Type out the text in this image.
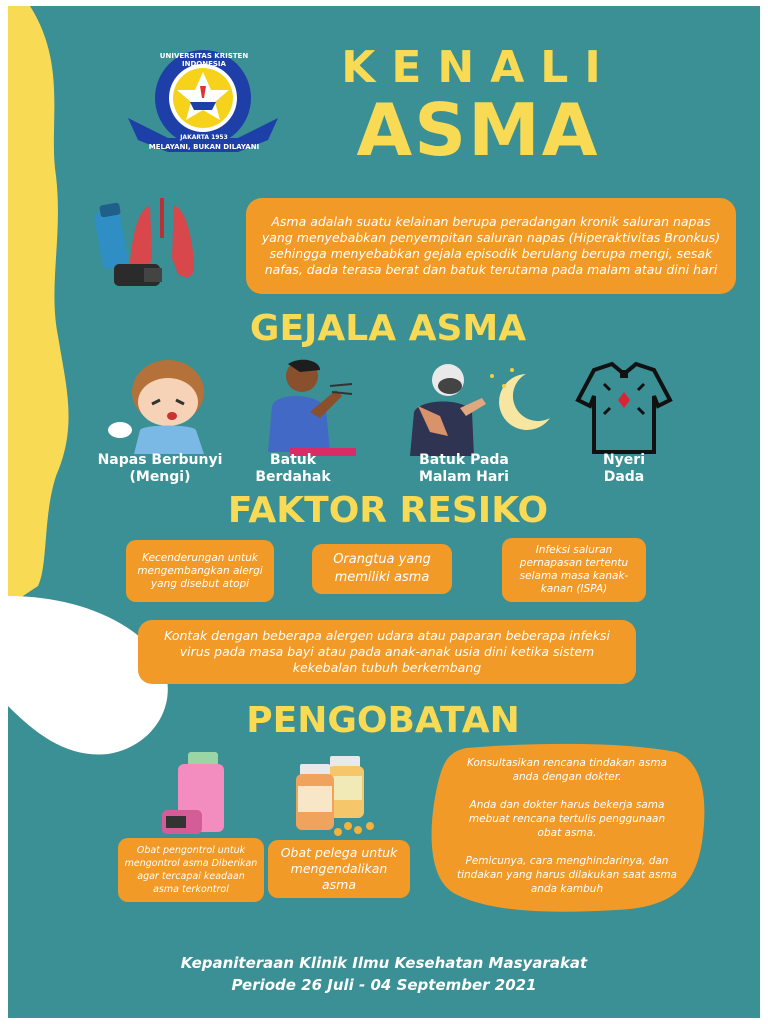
UNIVERSITAS KRISTEN INDONESIA
JAKARTA 1953
MELAYANI, BUKAN DILAYANI
KENALI
ASMA
Asma adalah suatu kelainan berupa peradangan kronik saluran napas yang menyebabkan penyempitan saluran napas (Hiperaktivitas Bronkus) sehingga menyebabkan gejala episodik berulang berupa mengi, sesak nafas, dada terasa berat dan batuk terutama pada malam atau dini hari
GEJALA ASMA
Napas Berbunyi
(Mengi)
Batuk
Berdahak
Batuk Pada
Malam Hari
Nyeri
Dada
FAKTOR RESIKO
Kecenderungan untuk mengembangkan alergi yang disebut atopi
Orangtua yang memiliki asma
Infeksi saluran pernapasan tertentu selama masa kanak-kanan (ISPA)
Kontak dengan beberapa alergen udara atau paparan beberapa infeksi virus pada masa bayi atau pada anak-anak usia dini ketika sistem kekebalan tubuh berkembang
PENGOBATAN
Obat pengontrol untuk mengontrol asma Diberikan agar tercapai keadaan asma terkontrol
Obat pelega untuk mengendalikan asma
Konsultasikan rencana tindakan asma anda dengan dokter.
Anda dan dokter harus bekerja sama mebuat rencana tertulis penggunaan obat asma.
Pemicunya, cara menghindarinya, dan tindakan yang harus dilakukan saat asma anda kambuh
Kepaniteraan Klinik Ilmu Kesehatan Masyarakat
Periode 26 Juli - 04 September 2021
